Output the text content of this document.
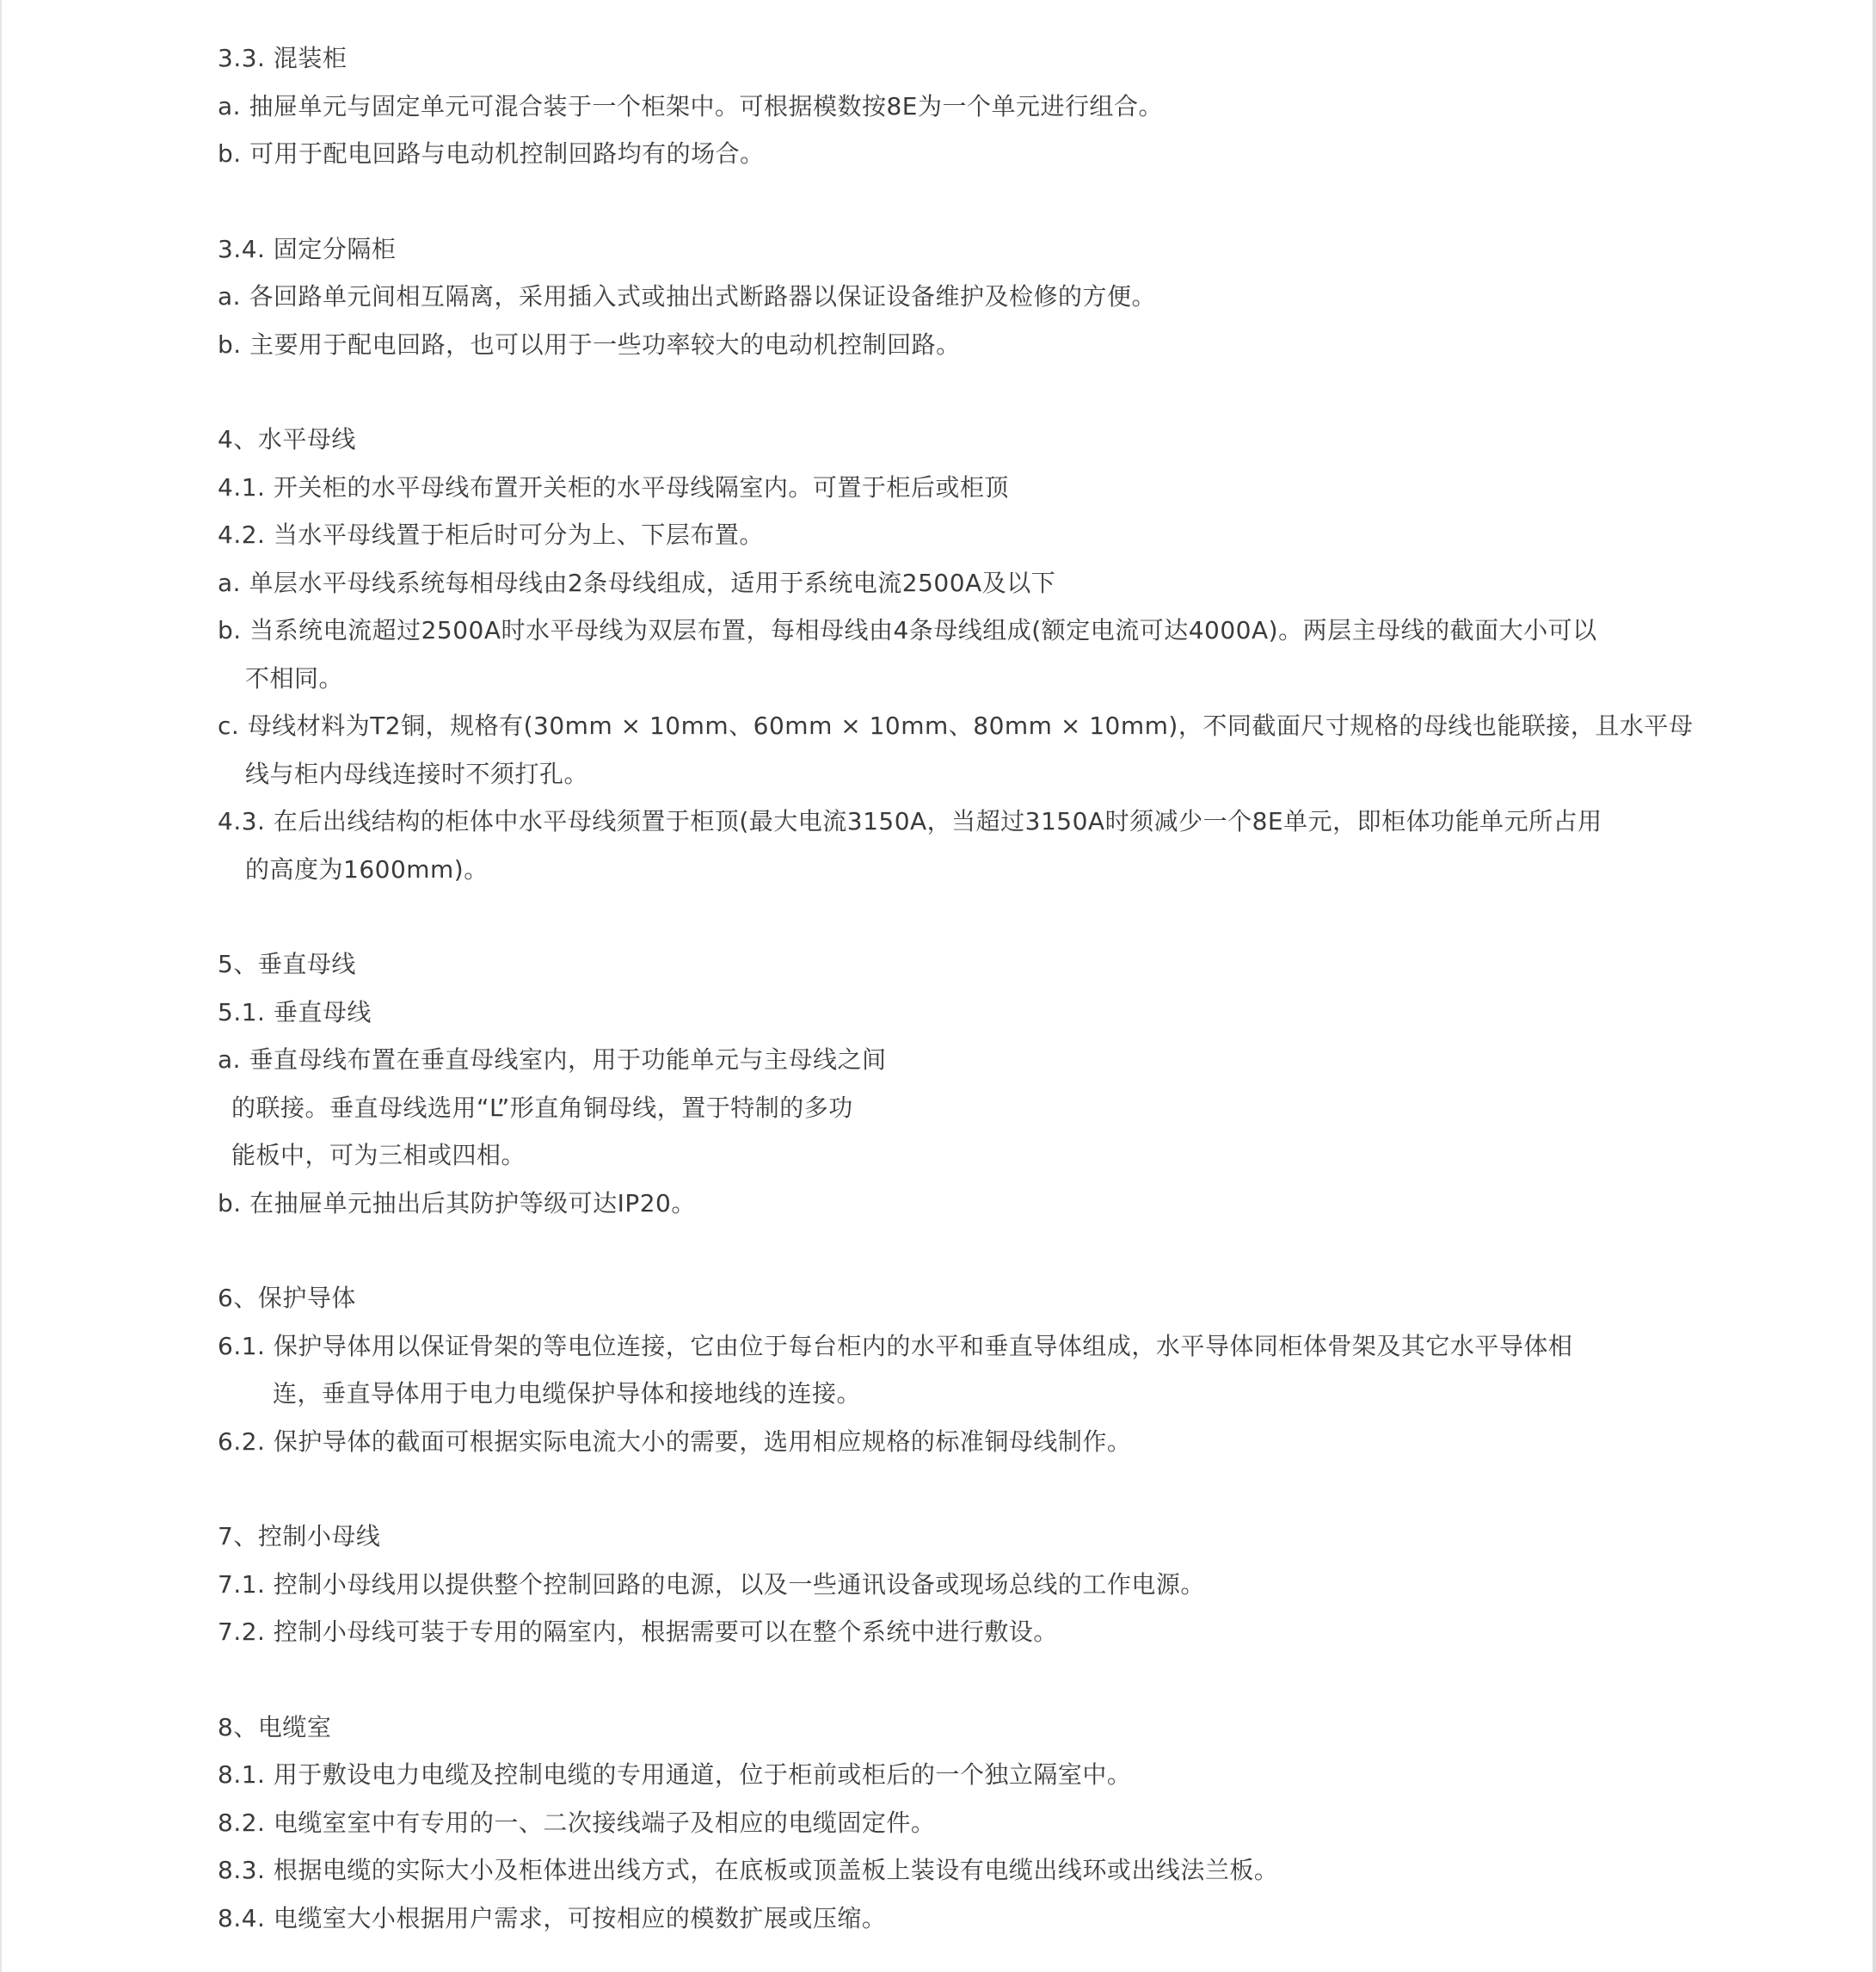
3.3. 混装柜
a. 抽屉单元与固定单元可混合装于一个柜架中。可根据模数按8E为一个单元进行组合。
b. 可用于配电回路与电动机控制回路均有的场合。
3.4. 固定分隔柜
a. 各回路单元间相互隔离，采用插入式或抽出式断路器以保证设备维护及检修的方便。
b. 主要用于配电回路，也可以用于一些功率较大的电动机控制回路。
4、水平母线
4.1. 开关柜的水平母线布置开关柜的水平母线隔室内。可置于柜后或柜顶
4.2. 当水平母线置于柜后时可分为上、下层布置。
a. 单层水平母线系统每相母线由2条母线组成，适用于系统电流2500A及以下
b. 当系统电流超过2500A时水平母线为双层布置，每相母线由4条母线组成(额定电流可达4000A)。两层主母线的截面大小可以
不相同。
c. 母线材料为T2铜，规格有(30mm × 10mm、60mm × 10mm、80mm × 10mm)，不同截面尺寸规格的母线也能联接，且水平母
线与柜内母线连接时不须打孔。
4.3. 在后出线结构的柜体中水平母线须置于柜顶(最大电流3150A，当超过3150A时须减少一个8E单元，即柜体功能单元所占用
的高度为1600mm)。
5、垂直母线
5.1. 垂直母线
a. 垂直母线布置在垂直母线室内，用于功能单元与主母线之间
的联接。垂直母线选用“L”形直角铜母线，置于特制的多功
能板中，可为三相或四相。
b. 在抽屉单元抽出后其防护等级可达IP20。
6、保护导体
6.1. 保护导体用以保证骨架的等电位连接，它由位于每台柜内的水平和垂直导体组成，水平导体同柜体骨架及其它水平导体相
连，垂直导体用于电力电缆保护导体和接地线的连接。
6.2. 保护导体的截面可根据实际电流大小的需要，选用相应规格的标准铜母线制作。
7、控制小母线
7.1. 控制小母线用以提供整个控制回路的电源，以及一些通讯设备或现场总线的工作电源。
7.2. 控制小母线可装于专用的隔室内，根据需要可以在整个系统中进行敷设。
8、电缆室
8.1. 用于敷设电力电缆及控制电缆的专用通道，位于柜前或柜后的一个独立隔室中。
8.2. 电缆室室中有专用的一、二次接线端子及相应的电缆固定件。
8.3. 根据电缆的实际大小及柜体进出线方式，在底板或顶盖板上装设有电缆出线环或出线法兰板。
8.4. 电缆室大小根据用户需求，可按相应的模数扩展或压缩。
